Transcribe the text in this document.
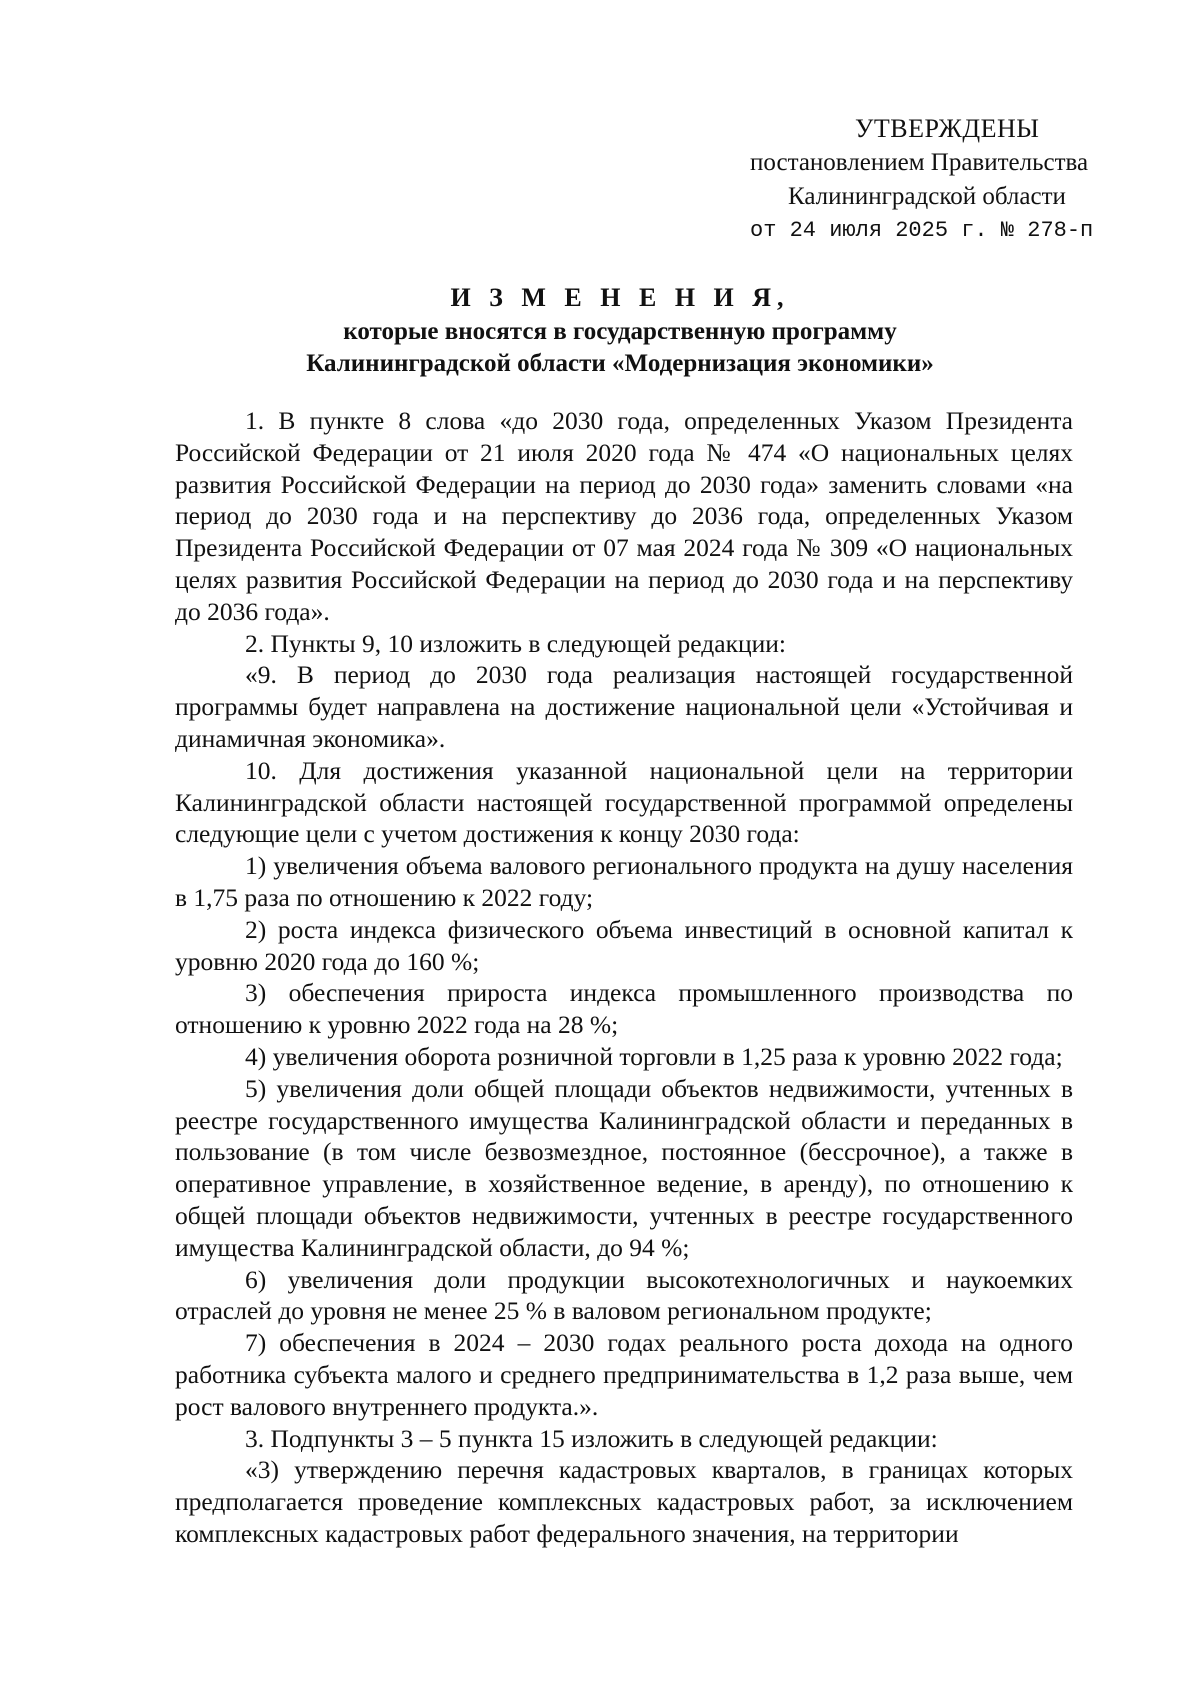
УТВЕРЖДЕНЫ
постановлением Правительства
Калининградской области
от 24 июля 2025 г. № 278-п
И З М Е Н Е Н И Я,
которые вносятся в государственную программу
Калининградской области «Модернизация экономики»

1. В пункте 8 слова «до 2030 года, определенных Указом Президента Российской Федерации от 21 июля 2020 года № 474 «О национальных целях развития Российской Федерации на период до 2030 года» заменить словами «на период до 2030 года и на перспективу до 2036 года, определенных Указом Президента Российской Федерации от 07 мая 2024 года № 309 «О национальных целях развития Российской Федерации на период до 2030 года и на перспективу до 2036 года».

2. Пункты 9, 10 изложить в следующей редакции:

«9. В период до 2030 года реализация настоящей государственной программы будет направлена на достижение национальной цели «Устойчивая и динамичная экономика».

10. Для достижения указанной национальной цели на территории Калининградской области настоящей государственной программой определены следующие цели с учетом достижения к концу 2030 года:

1) увеличения объема валового регионального продукта на душу населения в 1,75 раза по отношению к 2022 году;

2) роста индекса физического объема инвестиций в основной капитал к уровню 2020 года до 160 %;

3) обеспечения прироста индекса промышленного производства по отношению к уровню 2022 года на 28 %;

4) увеличения оборота розничной торговли в 1,25 раза к уровню 2022 года;

5) увеличения доли общей площади объектов недвижимости, учтенных в реестре государственного имущества Калининградской области и переданных в пользование (в том числе безвозмездное, постоянное (бессрочное), а также в оперативное управление, в хозяйственное ведение, в аренду), по отношению к общей площади объектов недвижимости, учтенных в реестре государственного имущества Калининградской области, до 94 %;

6) увеличения доли продукции высокотехнологичных и наукоемких отраслей до уровня не менее 25 % в валовом региональном продукте;

7) обеспечения в 2024 – 2030 годах реального роста дохода на одного работника субъекта малого и среднего предпринимательства в 1,2 раза выше, чем рост валового внутреннего продукта.».

3. Подпункты 3 – 5 пункта 15 изложить в следующей редакции:

«3) утверждению перечня кадастровых кварталов, в границах которых предполагается проведение комплексных кадастровых работ, за исключением комплексных кадастровых работ федерального значения, на территории
